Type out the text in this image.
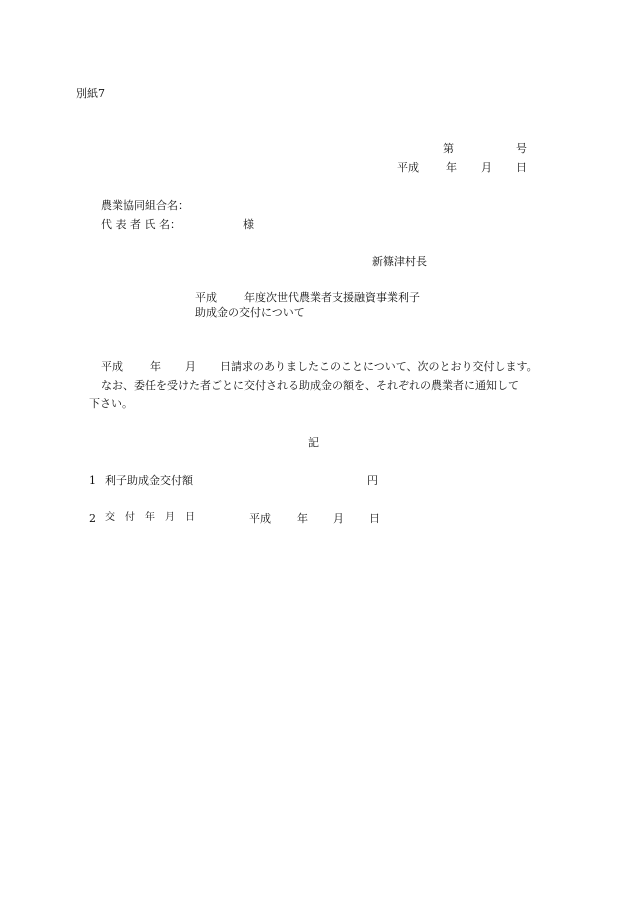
別紙7
第	号
平成 年 月 日
農業協同組合名：
代 表 者 氏 名：	様
新篠津村長
平成 年度次世代農業者支援融資事業利子
助成金の交付について
平成 年 月 日請求のありましたこのことについて、次のとおり交付します。
なお、委任を受けた者ごとに交付される助成金の額を、それぞれの農業者に通知して
下さい。
記
1 利子助成金交付額	円
2 交　付　年　月　日	平成 年 月 日
